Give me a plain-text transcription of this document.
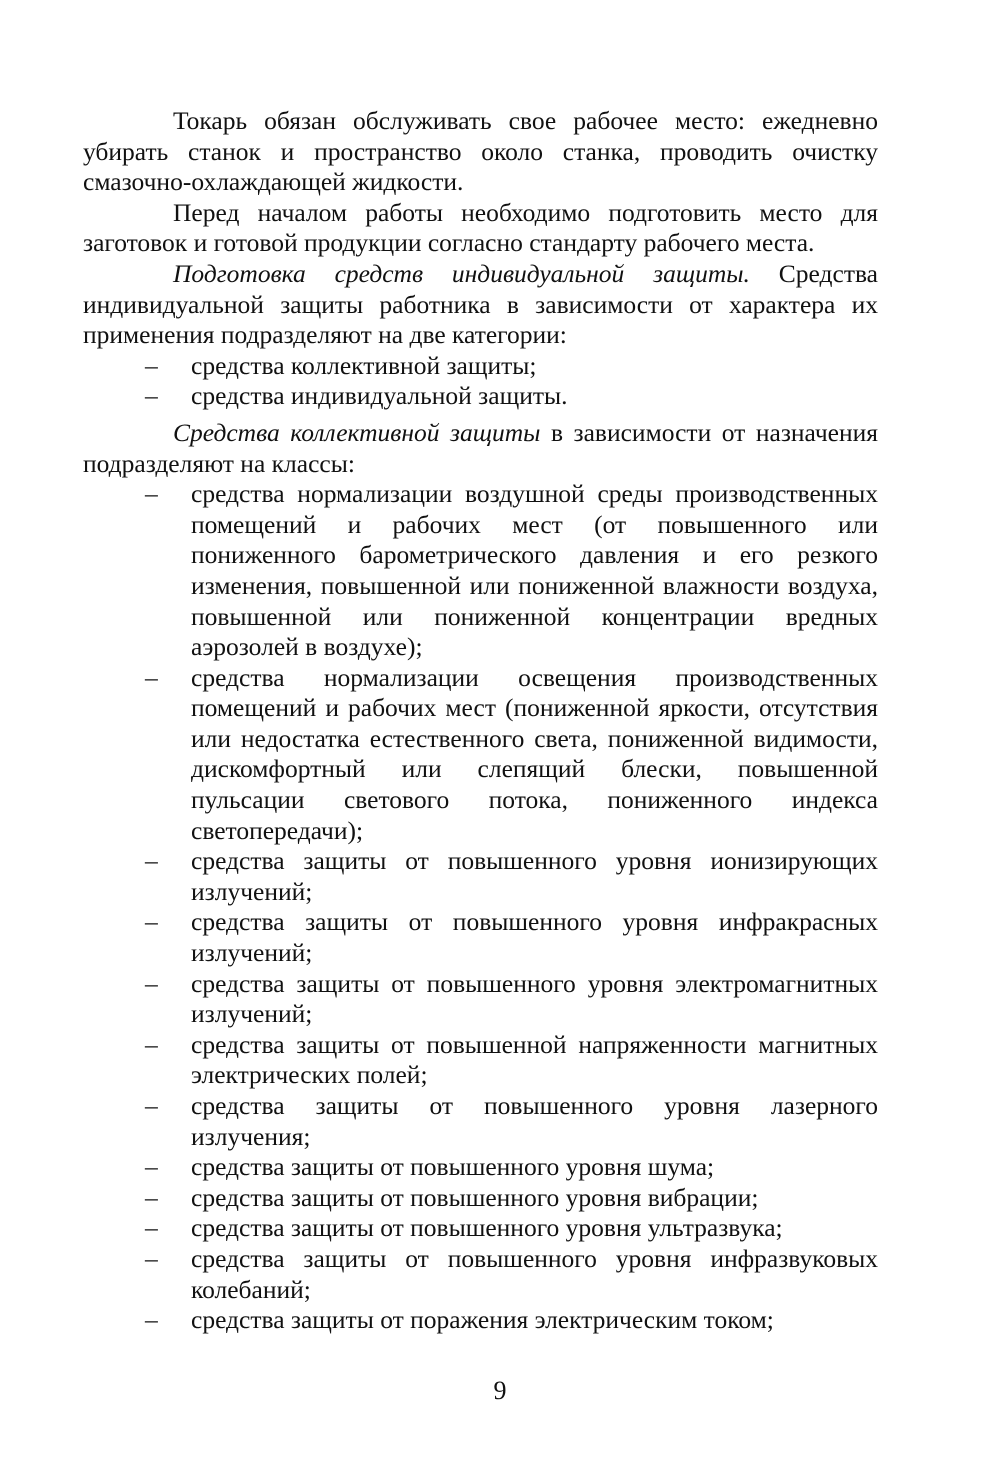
Токарь обязан обслуживать свое рабочее место: ежедневно убирать станок и пространство около станка, проводить очистку смазочно-охлаждающей жидкости.

Перед началом работы необходимо подготовить место для заготовок и готовой продукции согласно стандарту рабочего места.

Подготовка средств индивидуальной защиты. Средства индивидуальной защиты работника в зависимости от характера их применения подразделяют на две категории:

– средства коллективной защиты;
– средства индивидуальной защиты.

Средства коллективной защиты в зависимости от назначения подразделяют на классы:

– средства нормализации воздушной среды производственных помещений и рабочих мест (от повышенного или пониженного барометрического давления и его резкого изменения, повышенной или пониженной влажности воздуха, повышенной или пониженной концентрации вредных аэрозолей в воздухе);
– средства нормализации освещения производственных помещений и рабочих мест (пониженной яркости, отсутствия или недостатка естественного света, пониженной видимости, дискомфортный или слепящий блески, повышенной пульсации светового потока, пониженного индекса светопередачи);
– средства защиты от повышенного уровня ионизирующих излучений;
– средства защиты от повышенного уровня инфракрасных излучений;
– средства защиты от повышенного уровня электромагнитных излучений;
– средства защиты от повышенной напряженности магнитных электрических полей;
– средства защиты от повышенного уровня лазерного излучения;
– средства защиты от повышенного уровня шума;
– средства защиты от повышенного уровня вибрации;
– средства защиты от повышенного уровня ультразвука;
– средства защиты от повышенного уровня инфразвуковых колебаний;
– средства защиты от поражения электрическим током;
9
